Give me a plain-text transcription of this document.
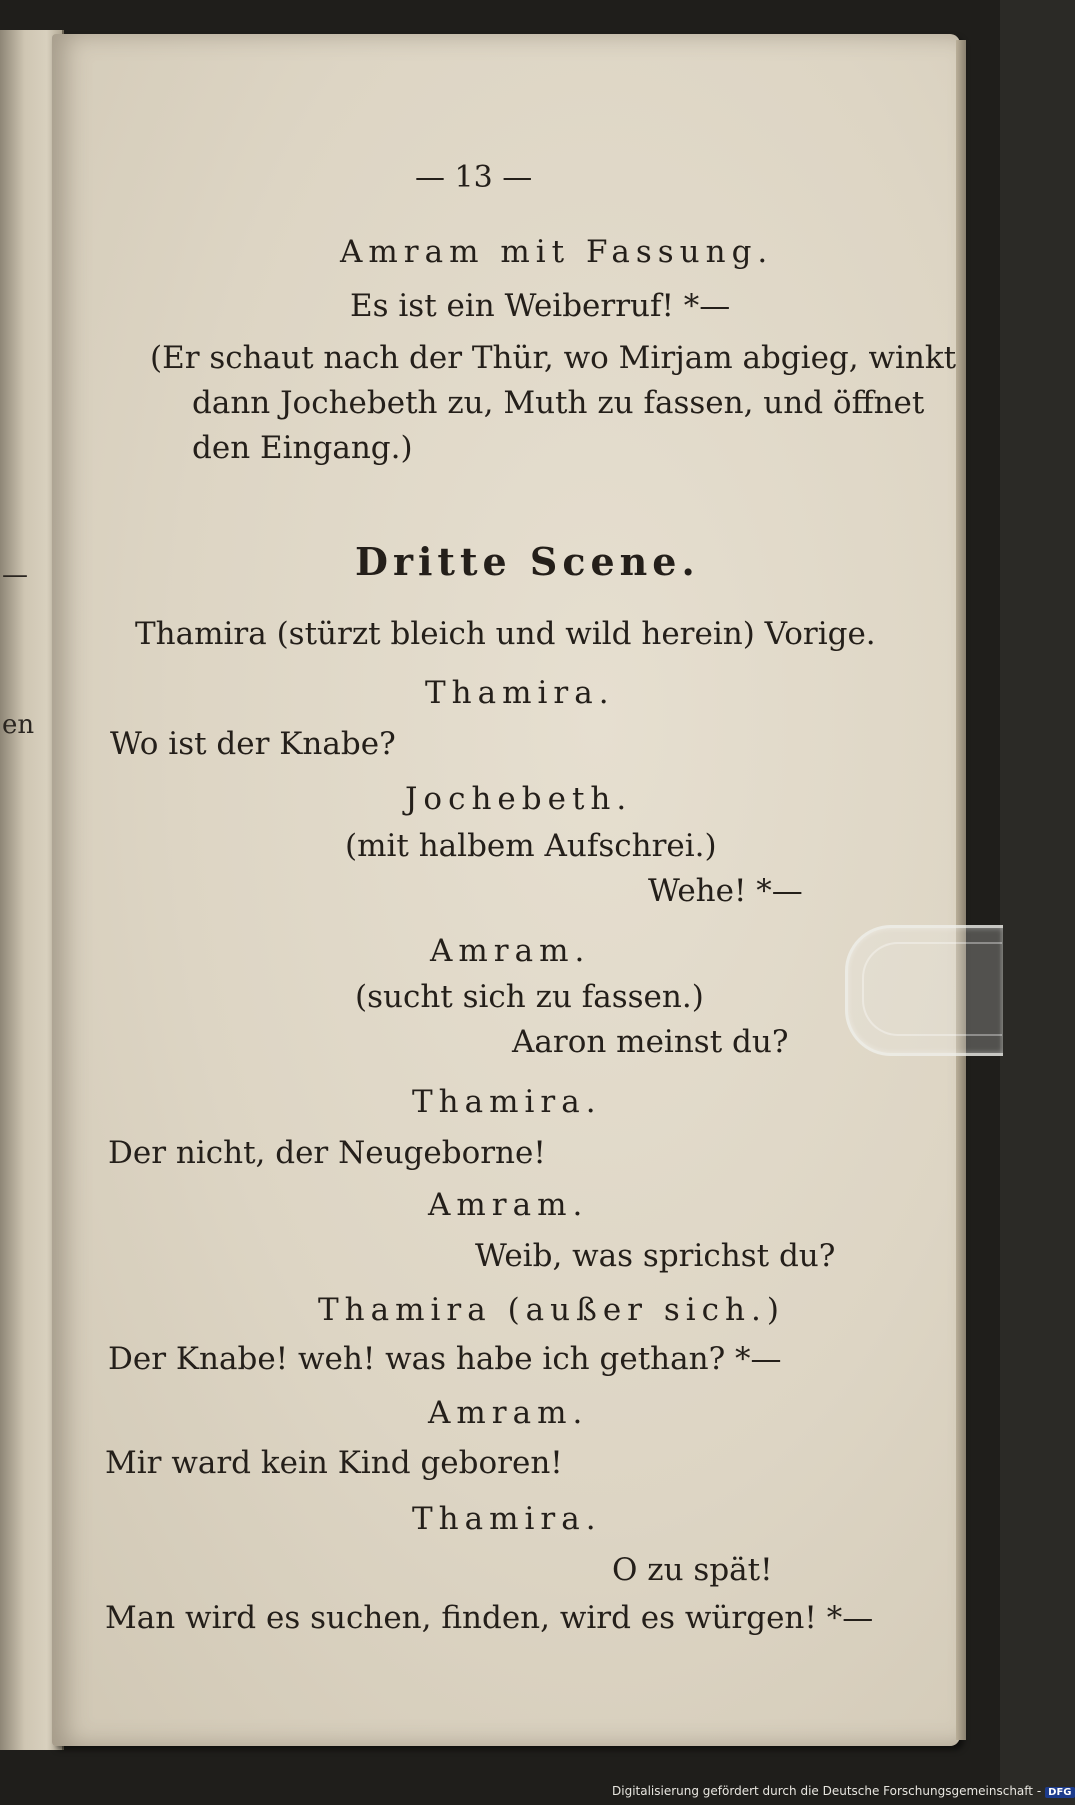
—
en
— 13 —
Amram mit Fassung.
Es ist ein Weiberruf! *—
(Er schaut nach der Thür, wo Mirjam abgieg, winkt
dann Jochebeth zu, Muth zu fassen, und öffnet
den Eingang.)
Dritte Scene.
Thamira (stürzt bleich und wild herein) Vorige.
Thamira.
Wo ist der Knabe?
Jochebeth.
(mit halbem Aufschrei.)
Wehe! *—
Amram.
(sucht sich zu fassen.)
Aaron meinst du?
Thamira.
Der nicht, der Neugeborne!
Amram.
Weib, was sprichst du?
Thamira (außer sich.)
Der Knabe! weh! was habe ich gethan? *—
Amram.
Mir ward kein Kind geboren!
Thamira.
O zu spät!
Man wird es suchen, finden, wird es würgen! *—
Digitalisierung gefördert durch die Deutsche Forschungsgemeinschaft - DFG
